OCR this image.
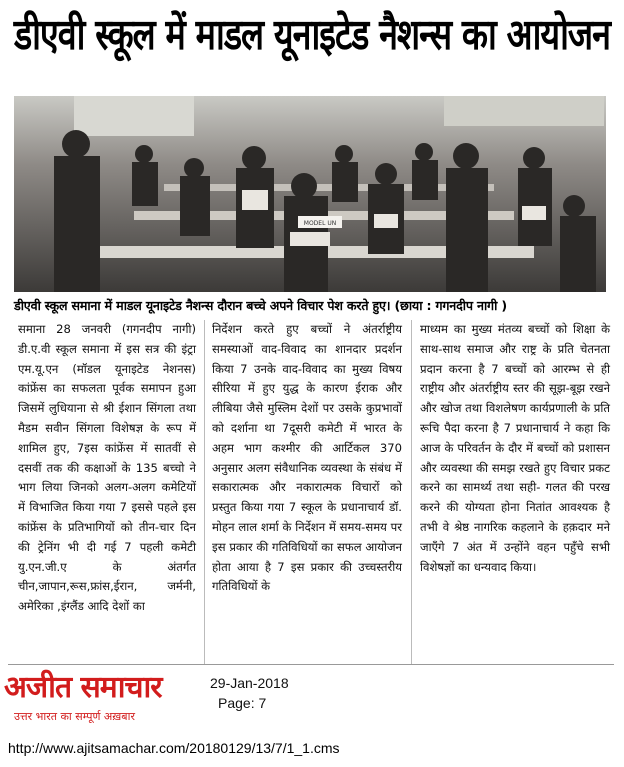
डीएवी स्कूल में माडल यूनाइटेड नैशन्स का आयोजन
MODEL UN
डीएवी स्कूल समाना में माडल यूनाइटेड नैशन्स दौरान बच्चे अपने विचार पेश करते हुए। (छाया : गगनदीप नागी )

समाना 28 जनवरी (गगनदीप नागी) डी.ए.वी स्कूल समाना में इस सत्र की इंट्रा एम.यू.एन (मॉडल यूनाइटेड नेशनस) कांफ्रेंस का सफलता पूर्वक समापन हुआ जिसमें लुधियाना से श्री ईशान सिंगला तथा मैडम सवीन सिंगला विशेषज्ञ के रूप में शामिल हुए, 7इस कांफ्रेंस में सातवीं से दसवीं तक की कक्षाओं के 135 बच्चो ने भाग लिया जिनको अलग-अलग कमेटियों में विभाजित किया गया 7 इससे पहले इस कांफ्रेंस के प्रतिभागियों को तीन-चार दिन की ट्रेनिंग भी दी गई 7 पहली कमेटी यु.एन.जी.ए के अंतर्गत चीन,जापान,रूस,फ्रांस,ईरान, जर्मनी, अमेरिका ,इंग्लैंड आदि देशों का

निर्देशन करते हुए बच्चों ने अंतर्राष्ट्रीय समस्याओं वाद-विवाद का शानदार प्रदर्शन किया 7 उनके वाद-विवाद का मुख्य विषय सीरिया में हुए युद्ध के कारण ईराक और लीबिया जैसे मुस्लिम देशों पर उसके कुप्रभावों को दर्शाना था 7दूसरी कमेटी में भारत के अहम भाग कश्मीर की आर्टिकल 370 अनुसार अलग संवैधानिक व्यवस्था के संबंध में सकारात्मक और नकारात्मक विचारों को प्रस्तुत किया गया 7 स्कूल के प्रधानाचार्य डॉ. मोहन लाल शर्मा के निर्देशन में समय-समय पर इस प्रकार की गतिविधियों का सफल आयोजन होता आया है 7 इस प्रकार की उच्चस्तरीय गतिविधियों के

माध्यम का मुख्य मंतव्य बच्चों को शिक्षा के साथ-साथ समाज और राष्ट्र के प्रति चेतनता प्रदान करना है 7 बच्चों को आरम्भ से ही राष्ट्रीय और अंतर्राष्ट्रीय स्तर की सूझ-बूझ रखने और खोज तथा विशलेषण कार्यप्रणाली के प्रति रूचि पैदा करना है 7 प्रधानाचार्य ने कहा कि आज के परिवर्तन के दौर में बच्चों को प्रशासन और व्यवस्था की समझ रखते हुए विचार प्रकट करने का सामर्थ्य तथा सही- गलत की परख करने की योग्यता होना नितांत आवश्यक है तभी वे श्रेष्ठ नागरिक कहलाने के हक़दार मने जाएँगे 7 अंत में उन्होंने वहन पहुँचे सभी विशेषज्ञों का धन्यवाद किया।

अजीत समाचार
उत्तर भारत का सम्पूर्ण अख़बार
29-Jan-2018
Page: 7
http://www.ajitsamachar.com/20180129/13/7/1_1.cms
